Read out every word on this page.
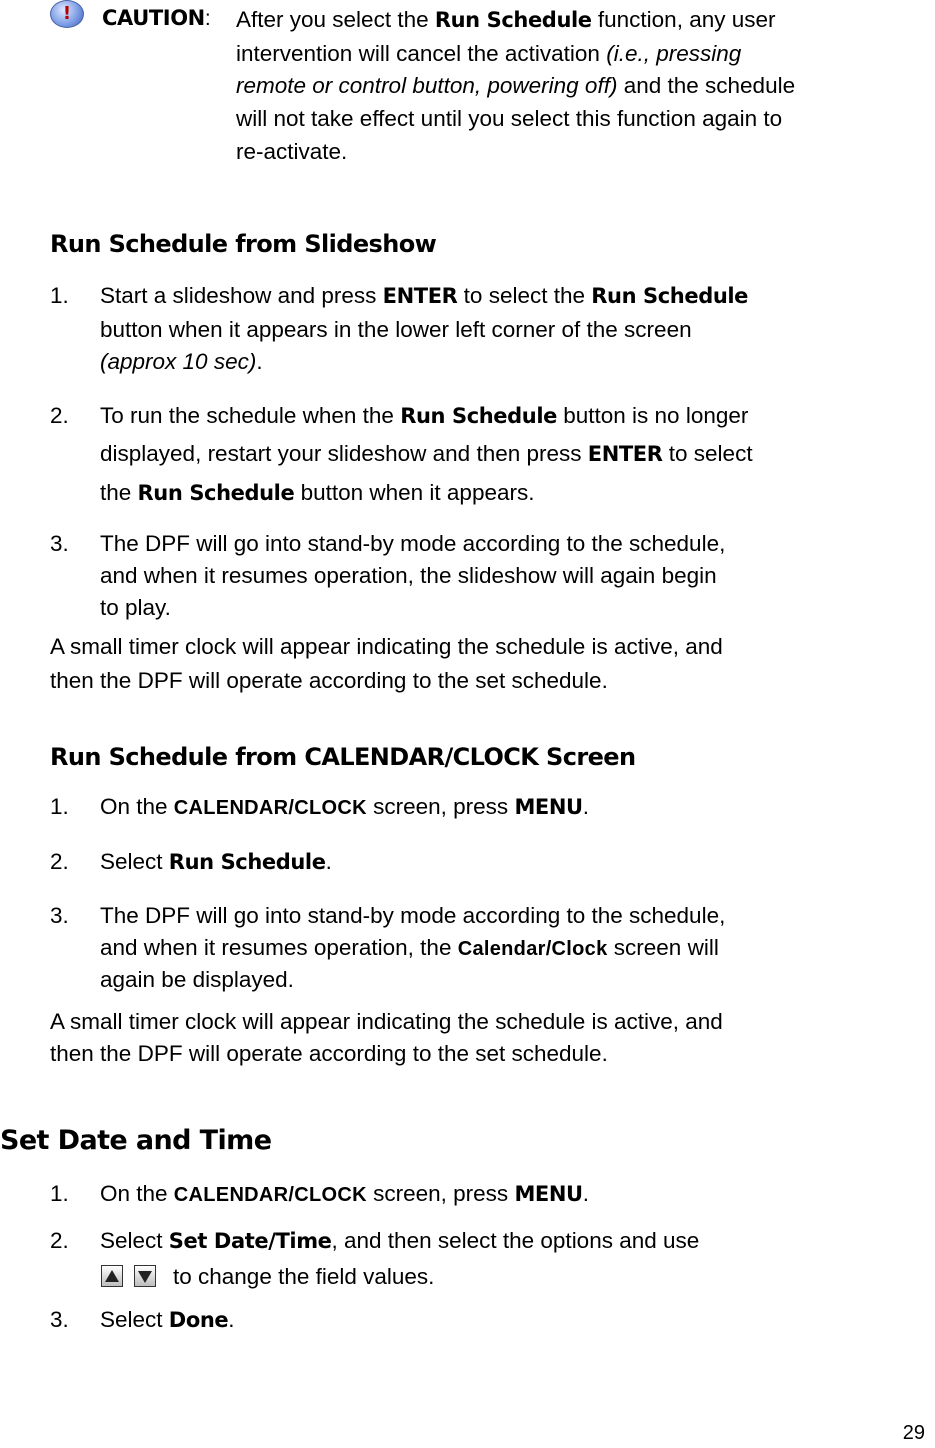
!	CAUTION: After you select the Run Schedule function, any user
intervention will cancel the activation (i.e., pressing
remote or control button, powering off) and the schedule
will not take effect until you select this function again to
re-activate.
Run Schedule from Slideshow
1. Start a slideshow and press ENTER to select the Run Schedule
button when it appears in the lower left corner of the screen
(approx 10 sec).
2. To run the schedule when the Run Schedule button is no longer
displayed, restart your slideshow and then press ENTER to select
the Run Schedule button when it appears.
3. The DPF will go into stand-by mode according to the schedule,
and when it resumes operation, the slideshow will again begin
to play.
A small timer clock will appear indicating the schedule is active, and
then the DPF will operate according to the set schedule.
Run Schedule from CALENDAR/CLOCK Screen
1. On the CALENDAR/CLOCK screen, press MENU.
2. Select Run Schedule.
3. The DPF will go into stand-by mode according to the schedule,
and when it resumes operation, the Calendar/Clock screen will
again be displayed.
A small timer clock will appear indicating the schedule is active, and
then the DPF will operate according to the set schedule.
Set Date and Time
1. On the CALENDAR/CLOCK screen, press MENU.
2. Select Set Date/Time, and then select the options and use
to change the field values.
3. Select Done.
29
